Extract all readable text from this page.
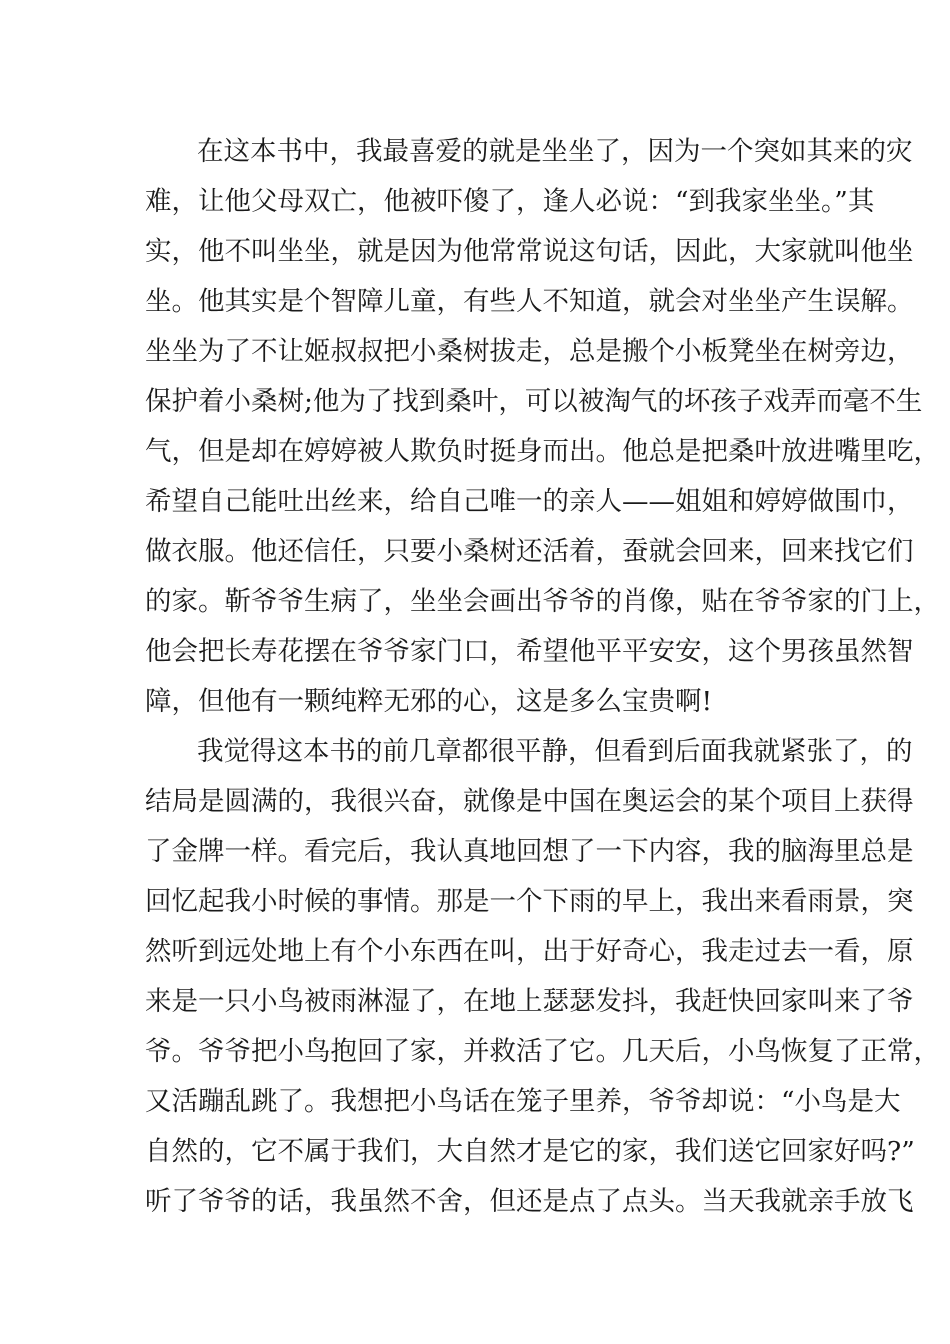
在这本书中，我最喜爱的就是坐坐了，因为一个突如其来的灾
难，让他父母双亡，他被吓傻了，逢人必说：“到我家坐坐。”其
实，他不叫坐坐，就是因为他常常说这句话，因此，大家就叫他坐
坐。他其实是个智障儿童，有些人不知道，就会对坐坐产生误解。
坐坐为了不让姬叔叔把小桑树拔走，总是搬个小板凳坐在树旁边，
保护着小桑树;他为了找到桑叶，可以被淘气的坏孩子戏弄而毫不生
气，但是却在婷婷被人欺负时挺身而出。他总是把桑叶放进嘴里吃，
希望自己能吐出丝来，给自己唯一的亲人——姐姐和婷婷做围巾，
做衣服。他还信任，只要小桑树还活着，蚕就会回来，回来找它们
的家。靳爷爷生病了，坐坐会画出爷爷的肖像，贴在爷爷家的门上，
他会把长寿花摆在爷爷家门口，希望他平平安安，这个男孩虽然智
障，但他有一颗纯粹无邪的心，这是多么宝贵啊!
我觉得这本书的前几章都很平静，但看到后面我就紧张了，的
结局是圆满的，我很兴奋，就像是中国在奥运会的某个项目上获得
了金牌一样。看完后，我认真地回想了一下内容，我的脑海里总是
回忆起我小时候的事情。那是一个下雨的早上，我出来看雨景，突
然听到远处地上有个小东西在叫，出于好奇心，我走过去一看，原
来是一只小鸟被雨淋湿了，在地上瑟瑟发抖，我赶快回家叫来了爷
爷。爷爷把小鸟抱回了家，并救活了它。几天后，小鸟恢复了正常，
又活蹦乱跳了。我想把小鸟话在笼子里养，爷爷却说：“小鸟是大
自然的，它不属于我们，大自然才是它的家，我们送它回家好吗?”
听了爷爷的话，我虽然不舍，但还是点了点头。当天我就亲手放飞
